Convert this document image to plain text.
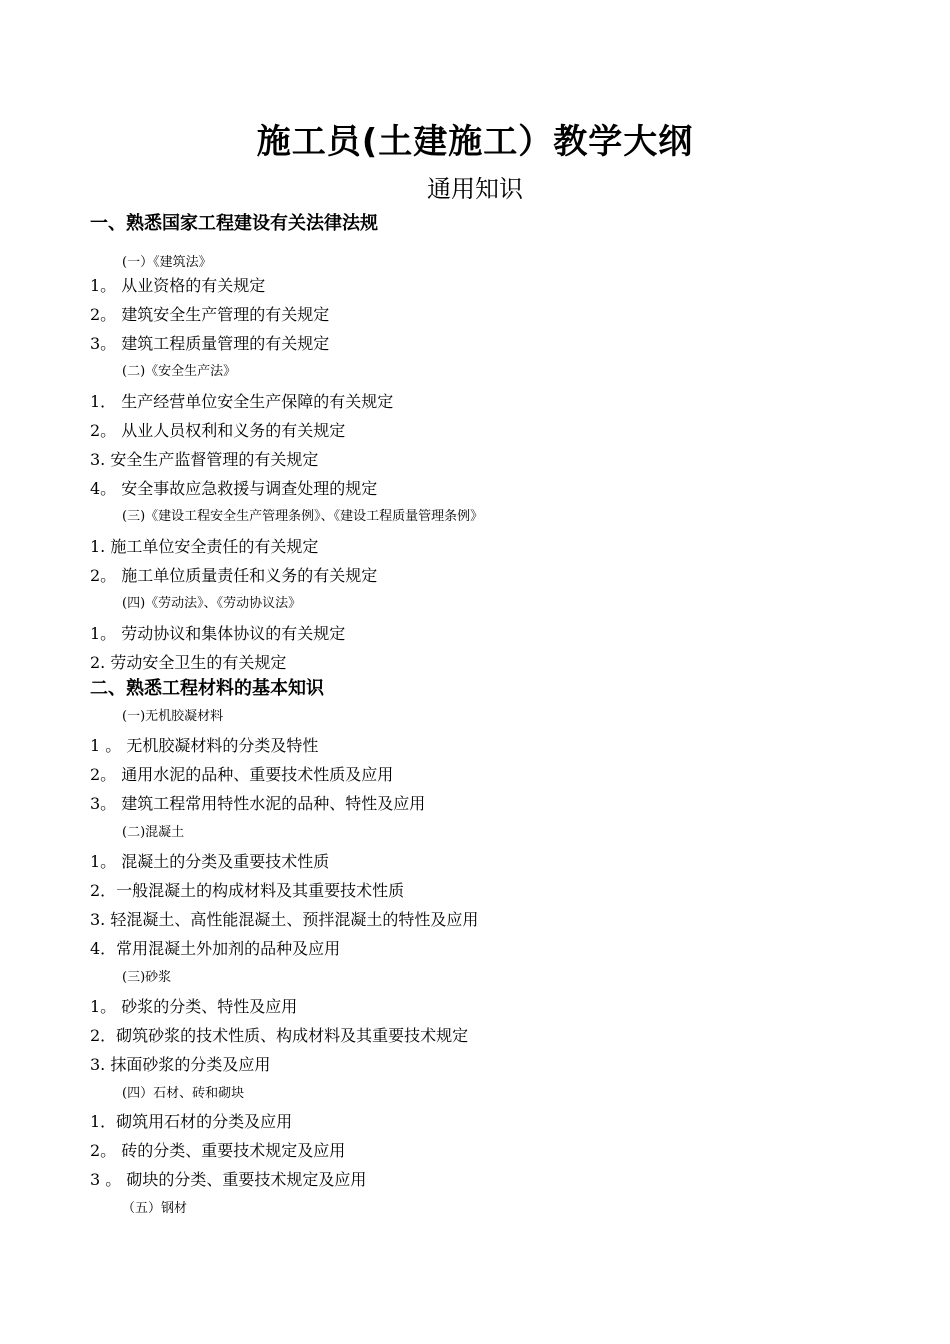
施工员(土建施工）教学大纲
通用知识
一、熟悉国家工程建设有关法律法规
(一）《建筑法》
1。 从业资格的有关规定
2。 建筑安全生产管理的有关规定
3。 建筑工程质量管理的有关规定
(二)《安全生产法》
1． 生产经营单位安全生产保障的有关规定
2。 从业人员权利和义务的有关规定
3. 安全生产监督管理的有关规定
4。 安全事故应急救援与调查处理的规定
(三)《建设工程安全生产管理条例》、《建设工程质量管理条例》
1. 施工单位安全责任的有关规定
2。 施工单位质量责任和义务的有关规定
(四)《劳动法》、《劳动协议法》
1。 劳动协议和集体协议的有关规定
2. 劳动安全卫生的有关规定
二、熟悉工程材料的基本知识
(一)无机胶凝材料
1 。 无机胶凝材料的分类及特性
2。 通用水泥的品种、重要技术性质及应用
3。 建筑工程常用特性水泥的品种、特性及应用
(二)混凝土
1。 混凝土的分类及重要技术性质
2．一般混凝土的构成材料及其重要技术性质
3. 轻混凝土、高性能混凝土、预拌混凝土的特性及应用
4．常用混凝土外加剂的品种及应用
(三)砂浆
1。 砂浆的分类、特性及应用
2．砌筑砂浆的技术性质、构成材料及其重要技术规定
3. 抹面砂浆的分类及应用
(四）石材、砖和砌块
1．砌筑用石材的分类及应用
2。 砖的分类、重要技术规定及应用
3 。 砌块的分类、重要技术规定及应用
（五）钢材
